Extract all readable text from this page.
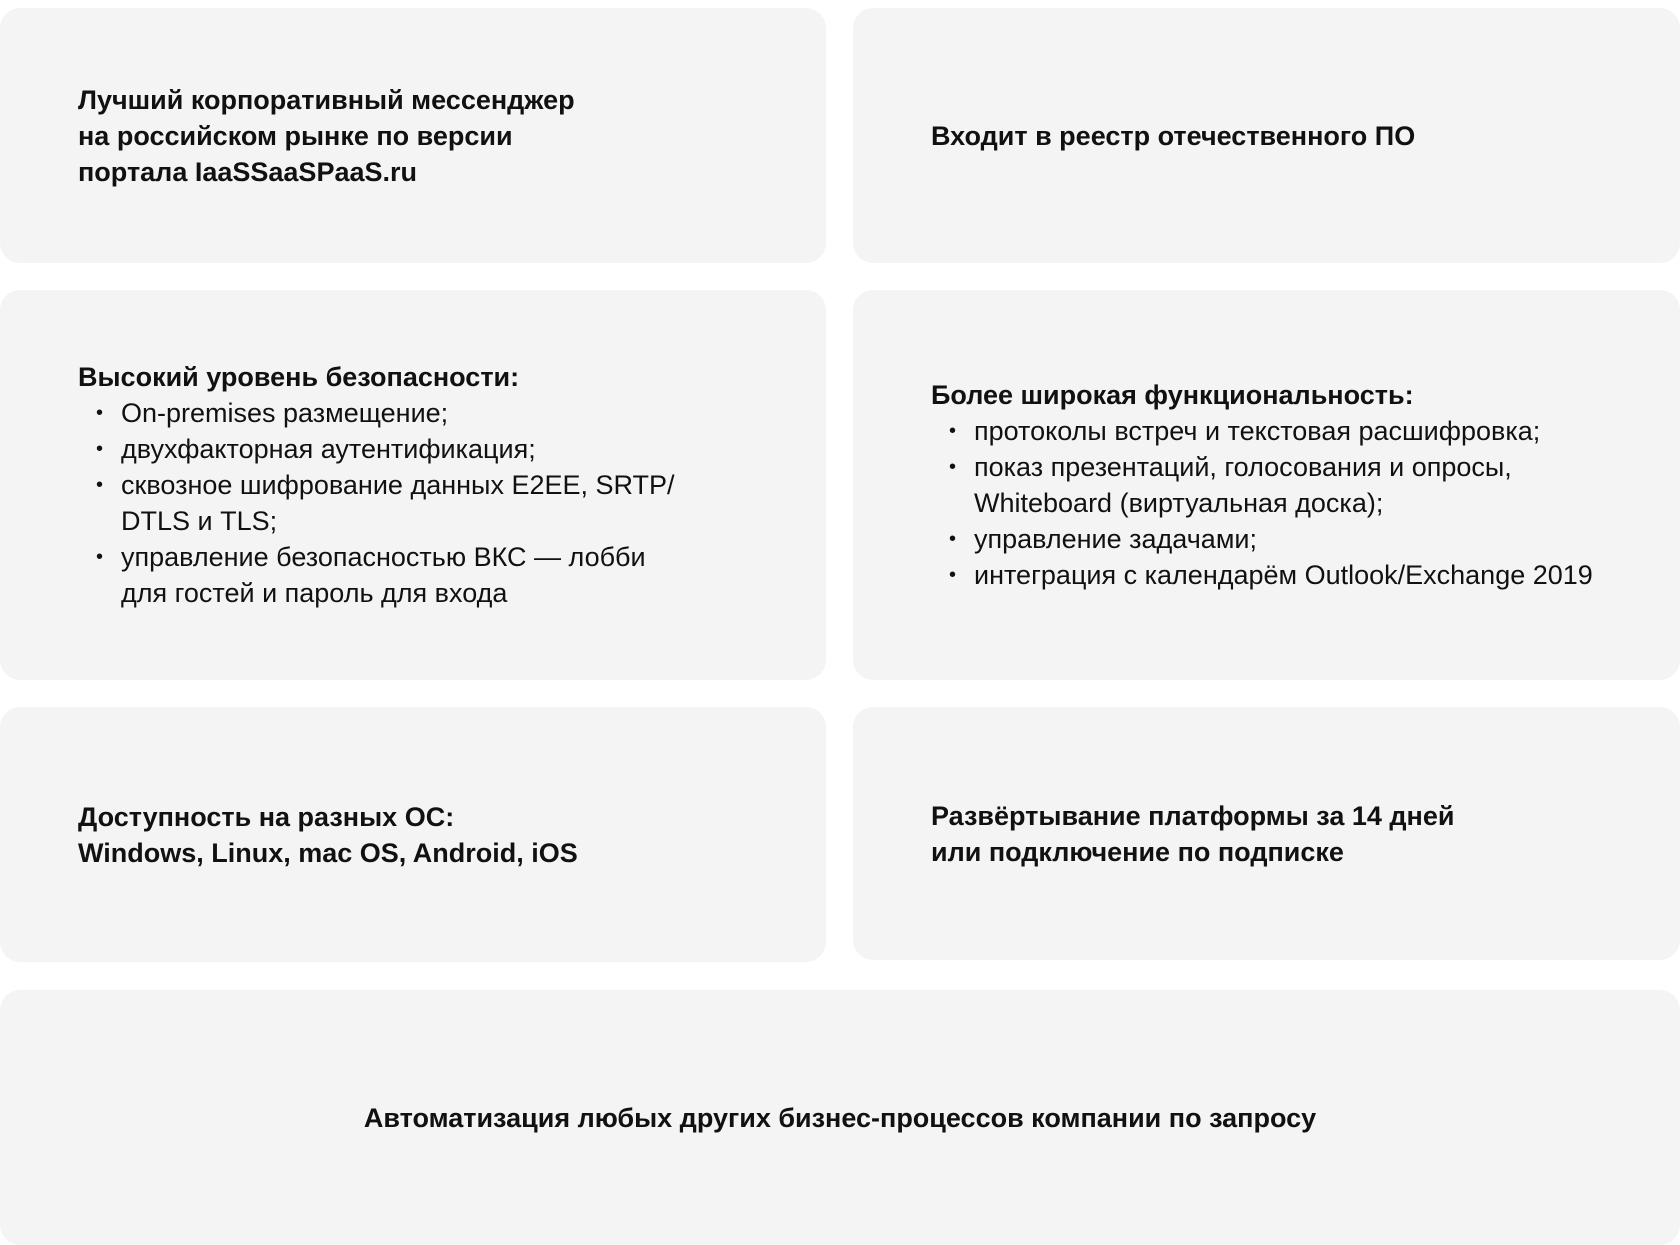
Лучший корпоративный мессенджер
на российском рынке по версии
портала IaaSSaaSPaaS.ru

Входит в реестр отечественного ПО

Высокий уровень безопасности:

• On-premises размещение;
• двухфакторная аутентификация;
• сквозное шифрование данных E2EE, SRTP/ DTLS и TLS;
• управление безопасностью ВКС — лобби для гостей и пароль для входа

Более широкая функциональность:

• протоколы встреч и текстовая расшифровка;
• показ презентаций, голосования и опросы, Whiteboard (виртуальная доска);
• управление задачами;
• интеграция с календарём Outlook/Exchange 2019

Доступность на разных ОС:
Windows, Linux, mac OS, Android, iOS

Развёртывание платформы за 14 дней
или подключение по подписке

Автоматизация любых других бизнес-процессов компании по запросу
